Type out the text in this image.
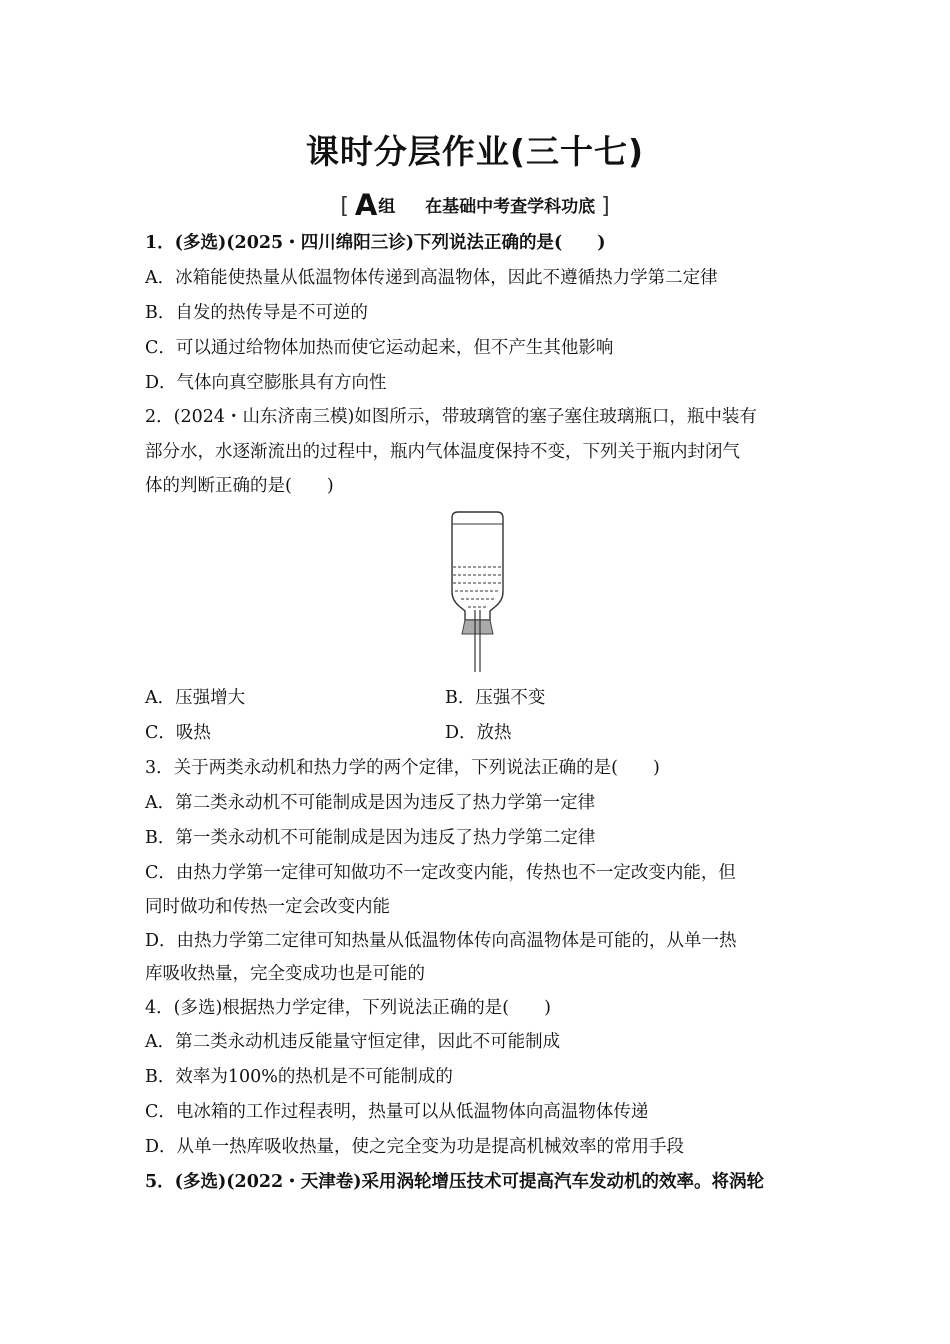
课时分层作业(三十七)
[ A组 在基础中考查学科功底 ]
1．(多选)(2025・四川绵阳三诊)下列说法正确的是(　　)
A．冰箱能使热量从低温物体传递到高温物体，因此不遵循热力学第二定律
B．自发的热传导是不可逆的
C．可以通过给物体加热而使它运动起来，但不产生其他影响
D．气体向真空膨胀具有方向性
2．(2024・山东济南三模)如图所示，带玻璃管的塞子塞住玻璃瓶口，瓶中装有
部分水，水逐渐流出的过程中，瓶内气体温度保持不变，下列关于瓶内封闭气
体的判断正确的是(　　)
A．压强增大	B．压强不变
C．吸热	D．放热
3．关于两类永动机和热力学的两个定律，下列说法正确的是(　　)
A．第二类永动机不可能制成是因为违反了热力学第一定律
B．第一类永动机不可能制成是因为违反了热力学第二定律
C．由热力学第一定律可知做功不一定改变内能，传热也不一定改变内能，但
同时做功和传热一定会改变内能
D．由热力学第二定律可知热量从低温物体传向高温物体是可能的，从单一热
库吸收热量，完全变成功也是可能的
4．(多选)根据热力学定律，下列说法正确的是(　　)
A．第二类永动机违反能量守恒定律，因此不可能制成
B．效率为100%的热机是不可能制成的
C．电冰箱的工作过程表明，热量可以从低温物体向高温物体传递
D．从单一热库吸收热量，使之完全变为功是提高机械效率的常用手段
5．(多选)(2022・天津卷)采用涡轮增压技术可提高汽车发动机的效率。将涡轮
